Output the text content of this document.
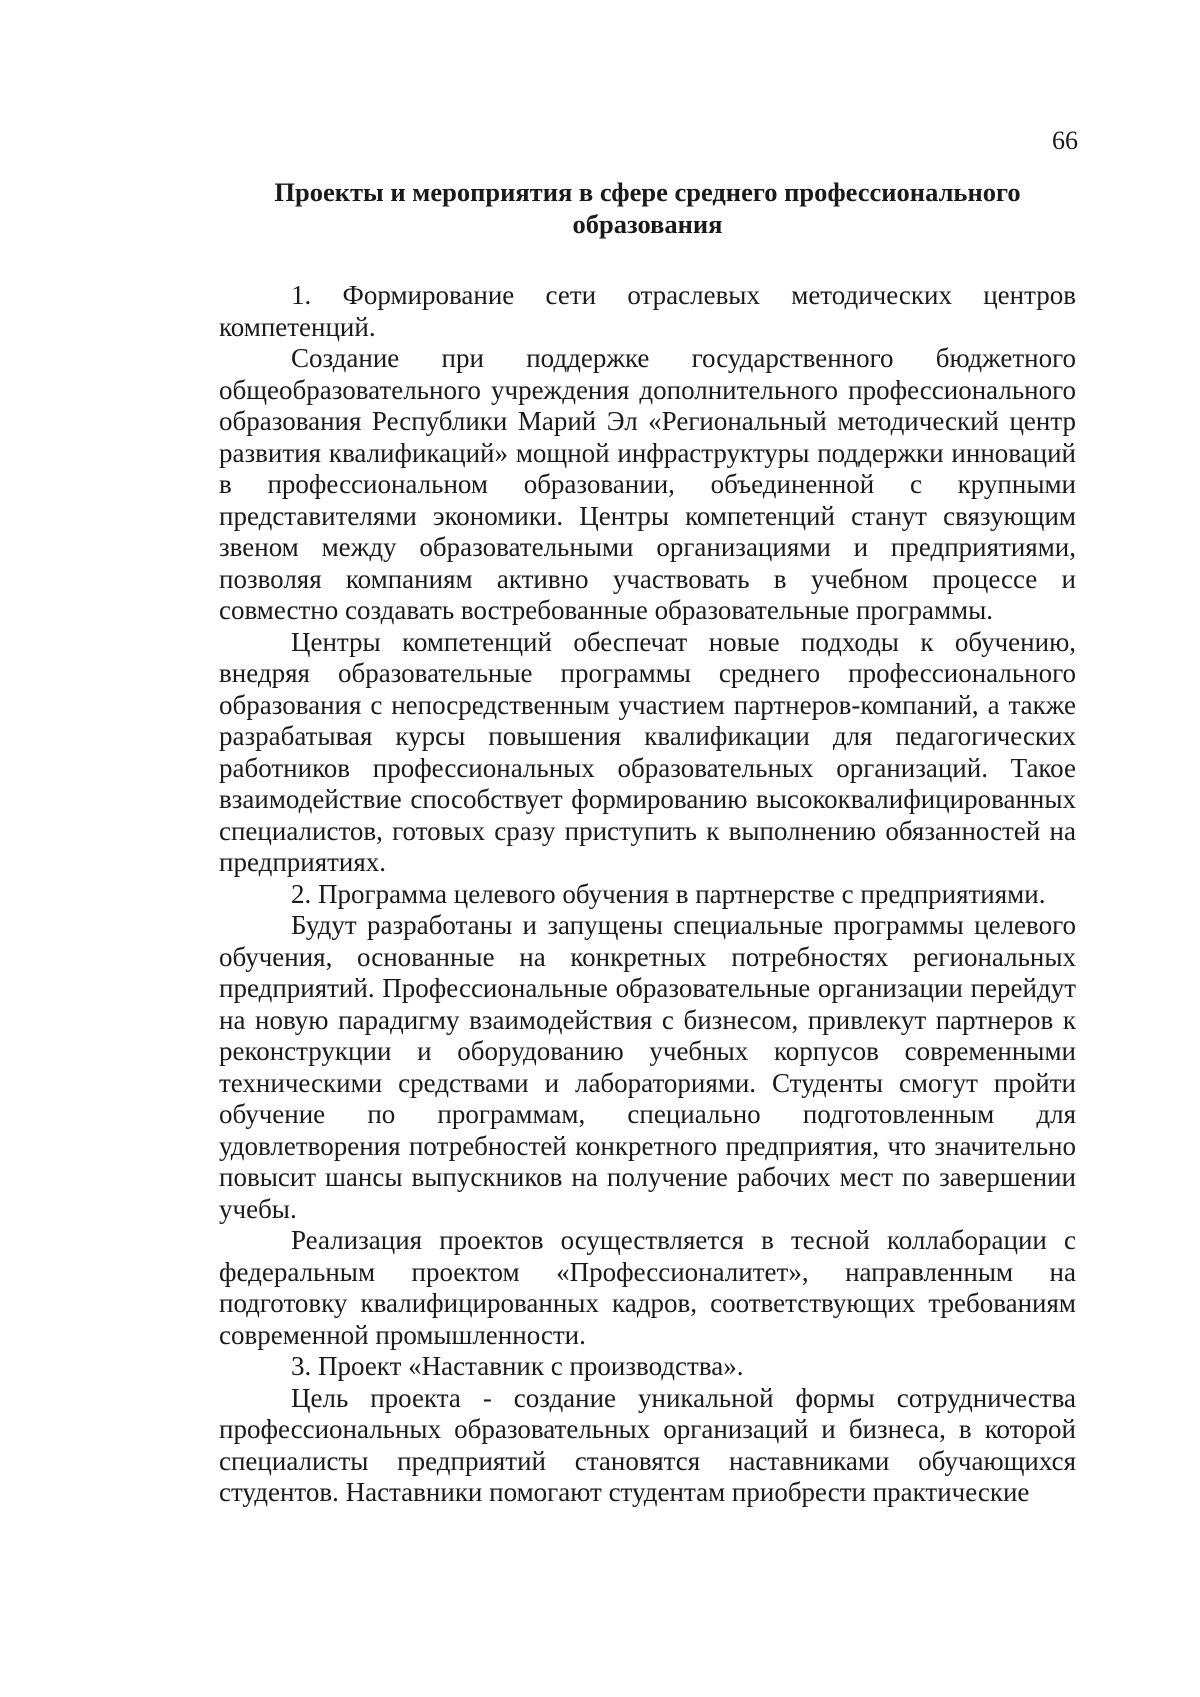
66
Проекты и мероприятия в сфере среднего профессионального образования

1. Формирование сети отраслевых методических центров компетенций.

Создание при поддержке государственного бюджетного общеобразовательного учреждения дополнительного профессионального образования Республики Марий Эл «Региональный методический центр развития квалификаций» мощной инфраструктуры поддержки инноваций в профессиональном образовании, объединенной с крупными представителями экономики. Центры компетенций станут связующим звеном между образовательными организациями и предприятиями, позволяя компаниям активно участвовать в учебном процессе и совместно создавать востребованные образовательные программы.

Центры компетенций обеспечат новые подходы к обучению, внедряя образовательные программы среднего профессионального образования с непосредственным участием партнеров-компаний, а также разрабатывая курсы повышения квалификации для педагогических работников профессиональных образовательных организаций. Такое взаимодействие способствует формированию высококвалифицированных специалистов, готовых сразу приступить к выполнению обязанностей на предприятиях.

2. Программа целевого обучения в партнерстве с предприятиями.

Будут разработаны и запущены специальные программы целевого обучения, основанные на конкретных потребностях региональных предприятий. Профессиональные образовательные организации перейдут на новую парадигму взаимодействия с бизнесом, привлекут партнеров к реконструкции и оборудованию учебных корпусов современными техническими средствами и лабораториями. Студенты смогут пройти обучение по программам, специально подготовленным для удовлетворения потребностей конкретного предприятия, что значительно повысит шансы выпускников на получение рабочих мест по завершении учебы.

Реализация проектов осуществляется в тесной коллаборации с федеральным проектом «Профессионалитет», направленным на подготовку квалифицированных кадров, соответствующих требованиям современной промышленности.

3. Проект «Наставник с производства».

Цель проекта - создание уникальной формы сотрудничества профессиональных образовательных организаций и бизнеса, в которой специалисты предприятий становятся наставниками обучающихся студентов. Наставники помогают студентам приобрести практические
